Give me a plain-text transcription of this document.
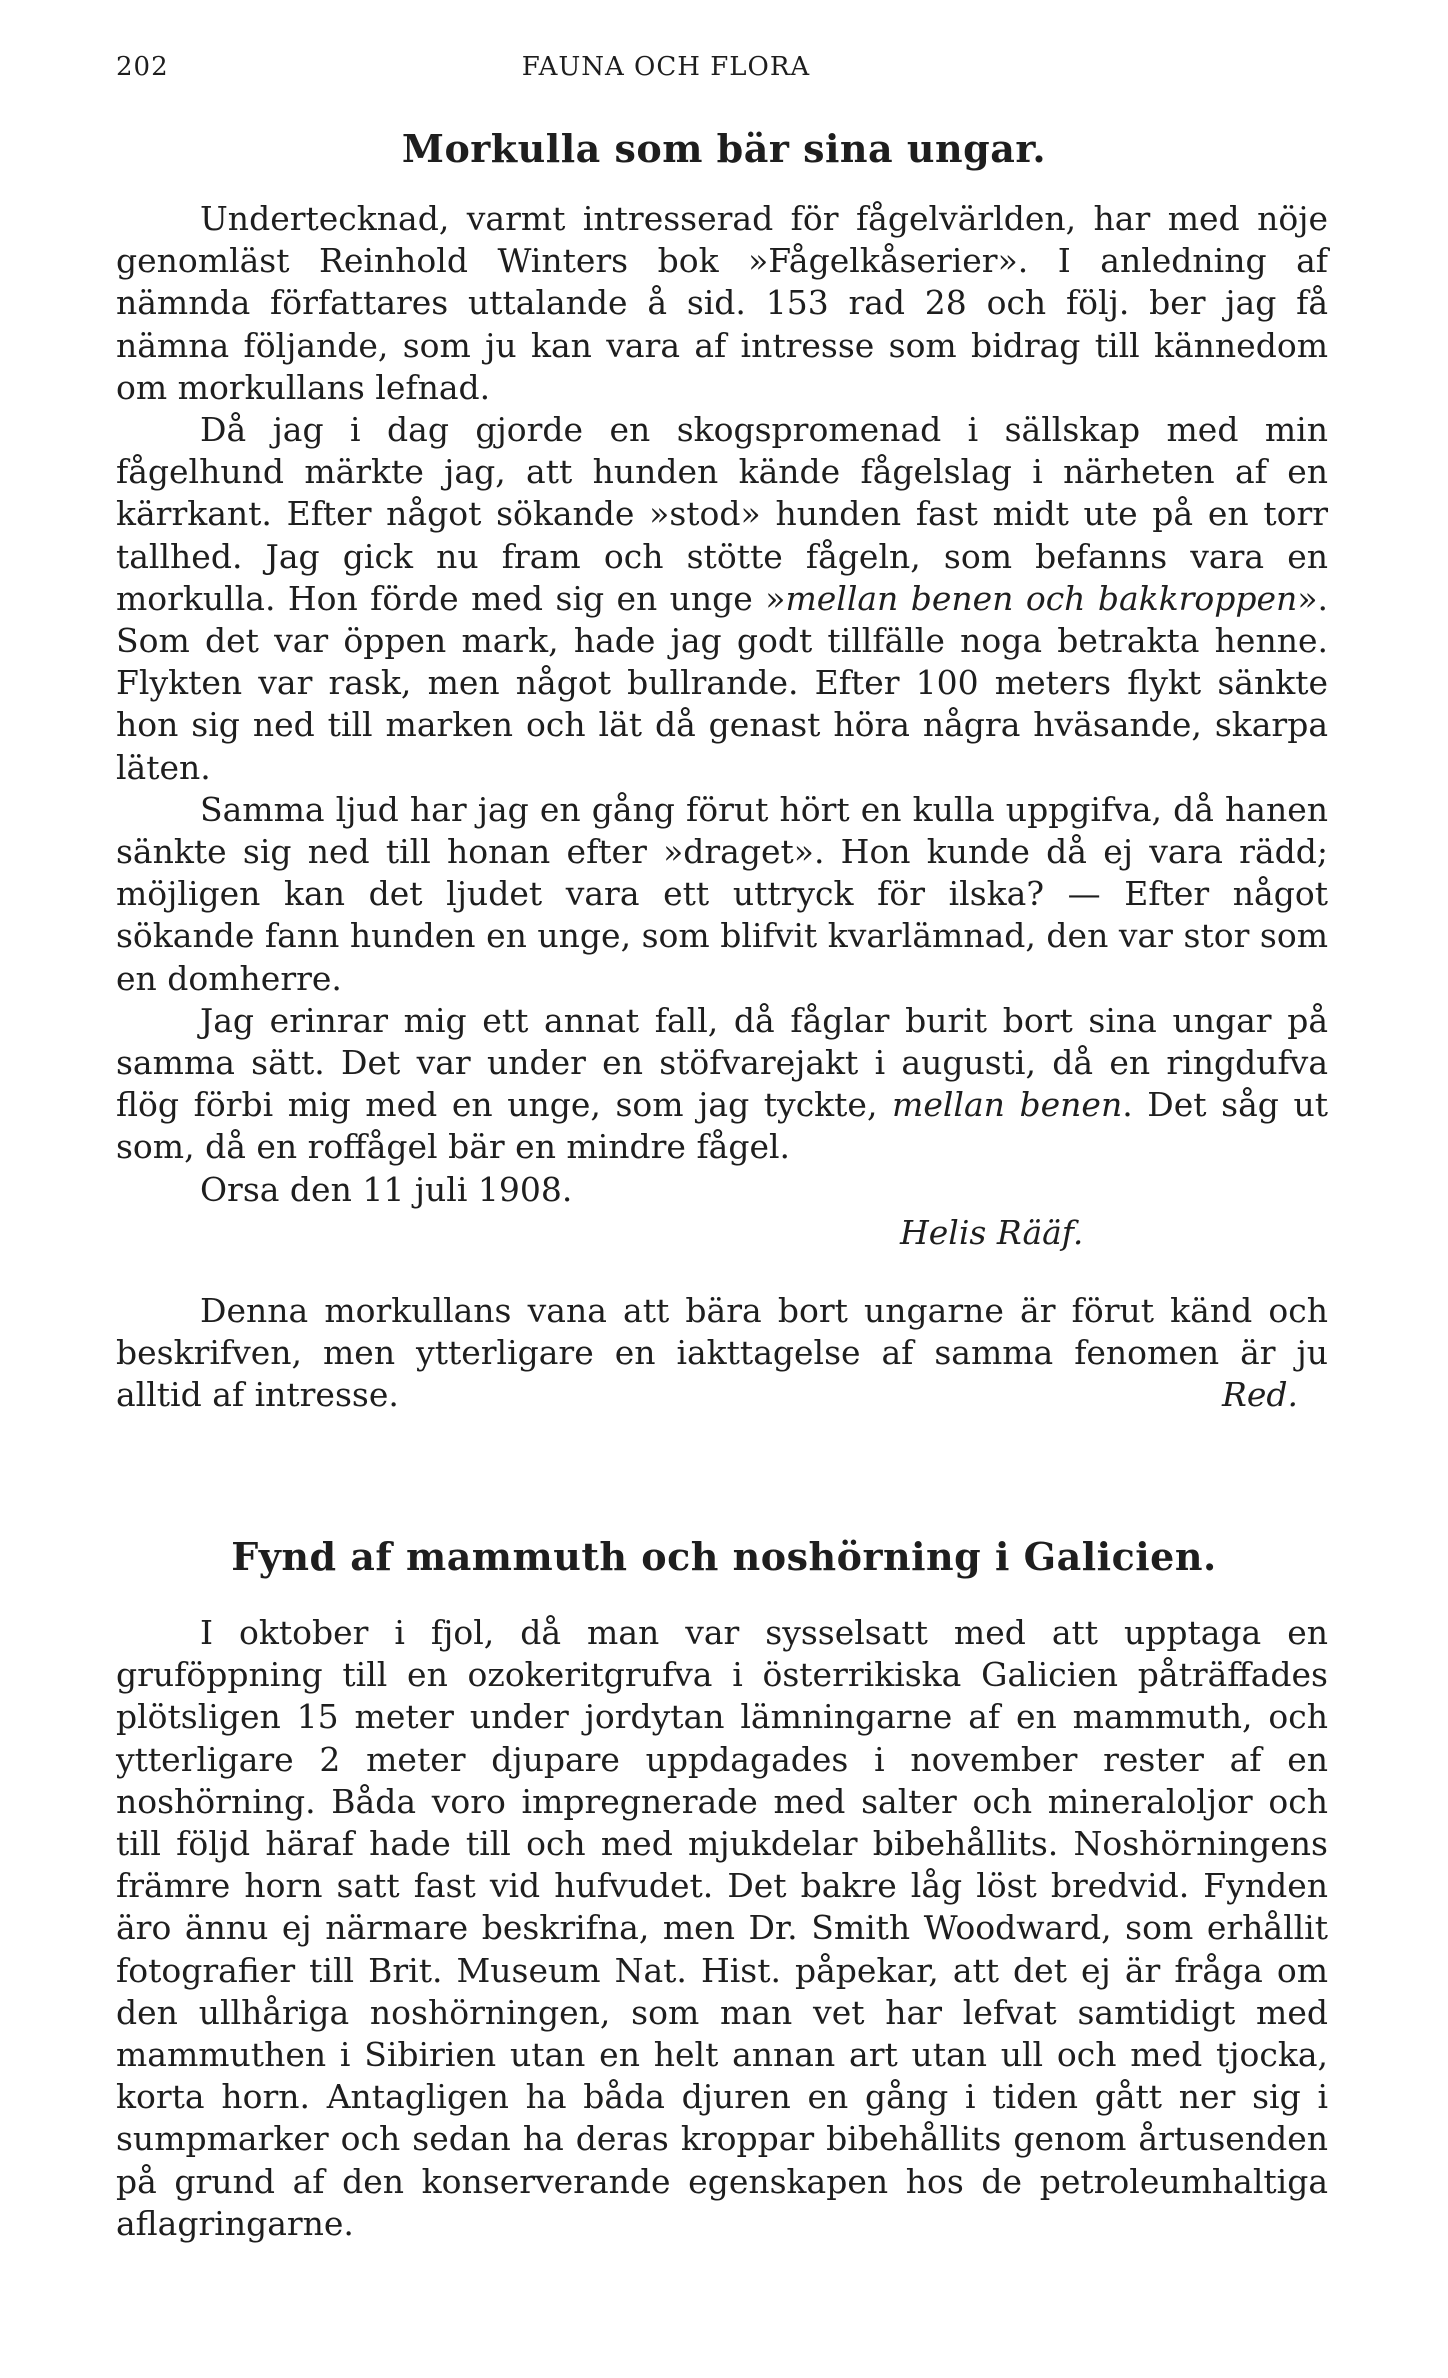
202	FAUNA OCH FLORA
Morkulla som bär sina ungar.

Undertecknad, varmt intresserad för fågelvärlden, har med nöje genomläst Reinhold Winters bok »Fågelkåserier». I anledning af nämnda författares uttalande å sid. 153 rad 28 och följ. ber jag få nämna följande, som ju kan vara af intresse som bidrag till kännedom om morkullans lefnad.

Då jag i dag gjorde en skogspromenad i sällskap med min fågelhund märkte jag, att hunden kände fågelslag i närheten af en kärrkant. Efter något sökande »stod» hunden fast midt ute på en torr tallhed. Jag gick nu fram och stötte fågeln, som befanns vara en morkulla. Hon förde med sig en unge »mellan benen och bakkroppen». Som det var öppen mark, hade jag godt tillfälle noga betrakta henne. Flykten var rask, men något bullrande. Efter 100 meters flykt sänkte hon sig ned till marken och lät då genast höra några hväsande, skarpa läten.

Samma ljud har jag en gång förut hört en kulla uppgifva, då hanen sänkte sig ned till honan efter »draget». Hon kunde då ej vara rädd; möjligen kan det ljudet vara ett uttryck för ilska? — Efter något sökande fann hunden en unge, som blifvit kvarlämnad, den var stor som en domherre.

Jag erinrar mig ett annat fall, då fåglar burit bort sina ungar på samma sätt. Det var under en stöfvarejakt i augusti, då en ringdufva flög förbi mig med en unge, som jag tyckte, mellan benen. Det såg ut som, då en roffågel bär en mindre fågel.

Orsa den 11 juli 1908.

Helis Rääf.

Denna morkullans vana att bära bort ungarne är förut känd och beskrifven, men ytterligare en iakttagelse af samma fenomen är ju alltid af intresse.	Red.
Fynd af mammuth och noshörning i Galicien.

I oktober i fjol, då man var sysselsatt med att upptaga en gruföppning till en ozokeritgrufva i österrikiska Galicien påträffades plötsligen 15 meter under jordytan lämningarne af en mammuth, och ytterligare 2 meter djupare uppdagades i november rester af en noshörning. Båda voro impregnerade med salter och mineraloljor och till följd häraf hade till och med mjukdelar bibehållits. Noshörningens främre horn satt fast vid hufvudet. Det bakre låg löst bredvid. Fynden äro ännu ej närmare beskrifna, men Dr. Smith Woodward, som erhållit fotografier till Brit. Museum Nat. Hist. påpekar, att det ej är fråga om den ullhåriga noshörningen, som man vet har lefvat samtidigt med mammuthen i Sibirien utan en helt annan art utan ull och med tjocka, korta horn. Antagligen ha båda djuren en gång i tiden gått ner sig i sumpmarker och sedan ha deras kroppar bibehållits genom årtusenden på grund af den konserverande egenskapen hos de petroleumhaltiga aflagringarne.
